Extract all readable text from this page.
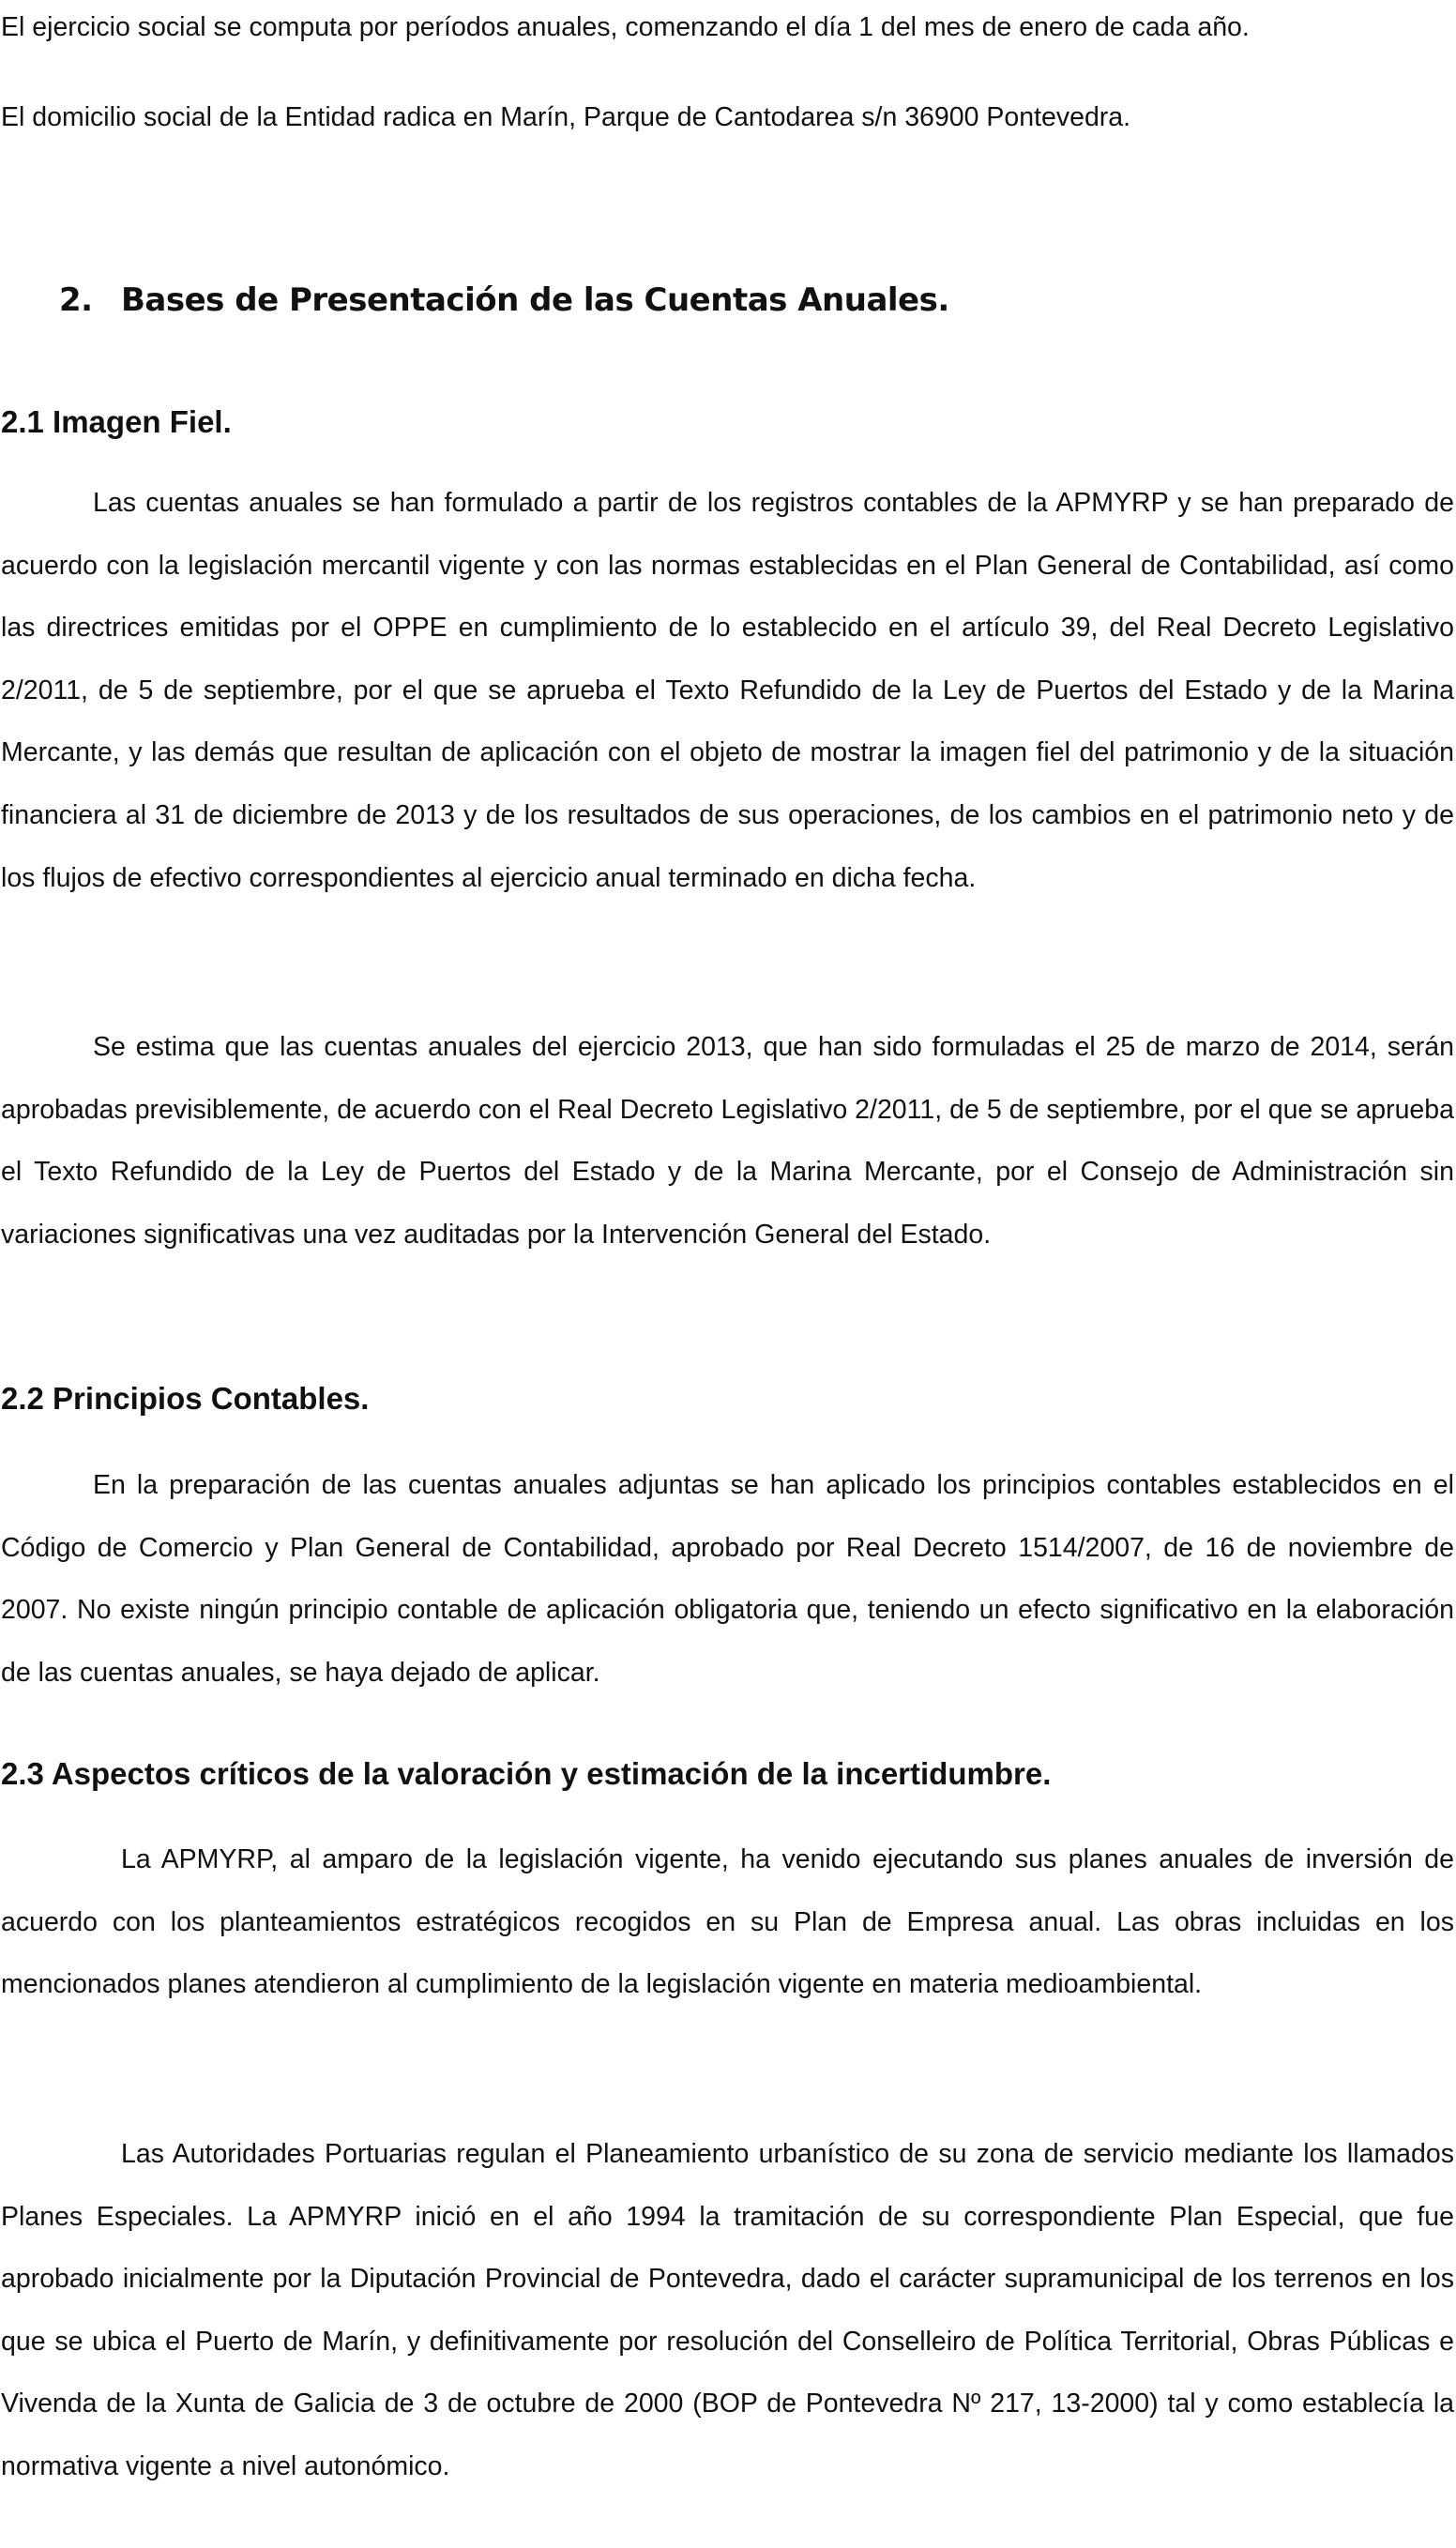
El ejercicio social se computa por períodos anuales, comenzando el día 1 del mes de enero de cada año.

El domicilio social de la Entidad radica en Marín, Parque de Cantodarea s/n 36900 Pontevedra.

2. Bases de Presentación de las Cuentas Anuales.
2.1 Imagen Fiel.

Las cuentas anuales se han formulado a partir de los registros contables de la APMYRP y se han preparado de acuerdo con la legislación mercantil vigente y con las normas establecidas en el Plan General de Contabilidad, así como las directrices emitidas por el OPPE en cumplimiento de lo establecido en el artículo 39, del Real Decreto Legislativo 2/2011, de 5 de septiembre, por el que se aprueba el Texto Refundido de la Ley de Puertos del Estado y de la Marina Mercante, y las demás que resultan de aplicación con el objeto de mostrar la imagen fiel del patrimonio y de la situación financiera al 31 de diciembre de 2013 y de los resultados de sus operaciones, de los cambios en el patrimonio neto y de los flujos de efectivo correspondientes al ejercicio anual terminado en dicha fecha.

Se estima que las cuentas anuales del ejercicio 2013, que han sido formuladas el 25 de marzo de 2014, serán aprobadas previsiblemente, de acuerdo con el Real Decreto Legislativo 2/2011, de 5 de septiembre, por el que se aprueba el Texto Refundido de la Ley de Puertos del Estado y de la Marina Mercante, por el Consejo de Administración sin variaciones significativas una vez auditadas por la Intervención General del Estado.

2.2 Principios Contables.

En la preparación de las cuentas anuales adjuntas se han aplicado los principios contables establecidos en el Código de Comercio y Plan General de Contabilidad, aprobado por Real Decreto 1514/2007, de 16 de noviembre de 2007. No existe ningún principio contable de aplicación obligatoria que, teniendo un efecto significativo en la elaboración de las cuentas anuales, se haya dejado de aplicar.

2.3 Aspectos críticos de la valoración y estimación de la incertidumbre.

La APMYRP, al amparo de la legislación vigente, ha venido ejecutando sus planes anuales de inversión de acuerdo con los planteamientos estratégicos recogidos en su Plan de Empresa anual. Las obras incluidas en los mencionados planes atendieron al cumplimiento de la legislación vigente en materia medioambiental.

Las Autoridades Portuarias regulan el Planeamiento urbanístico de su zona de servicio mediante los llamados Planes Especiales. La APMYRP inició en el año 1994 la tramitación de su correspondiente Plan Especial, que fue aprobado inicialmente por la Diputación Provincial de Pontevedra, dado el carácter supramunicipal de los terrenos en los que se ubica el Puerto de Marín, y definitivamente por resolución del Conselleiro de Política Territorial, Obras Públicas e Vivenda de la Xunta de Galicia de 3 de octubre de 2000 (BOP de Pontevedra Nº 217, 13-2000) tal y como establecía la normativa vigente a nivel autonómico.
